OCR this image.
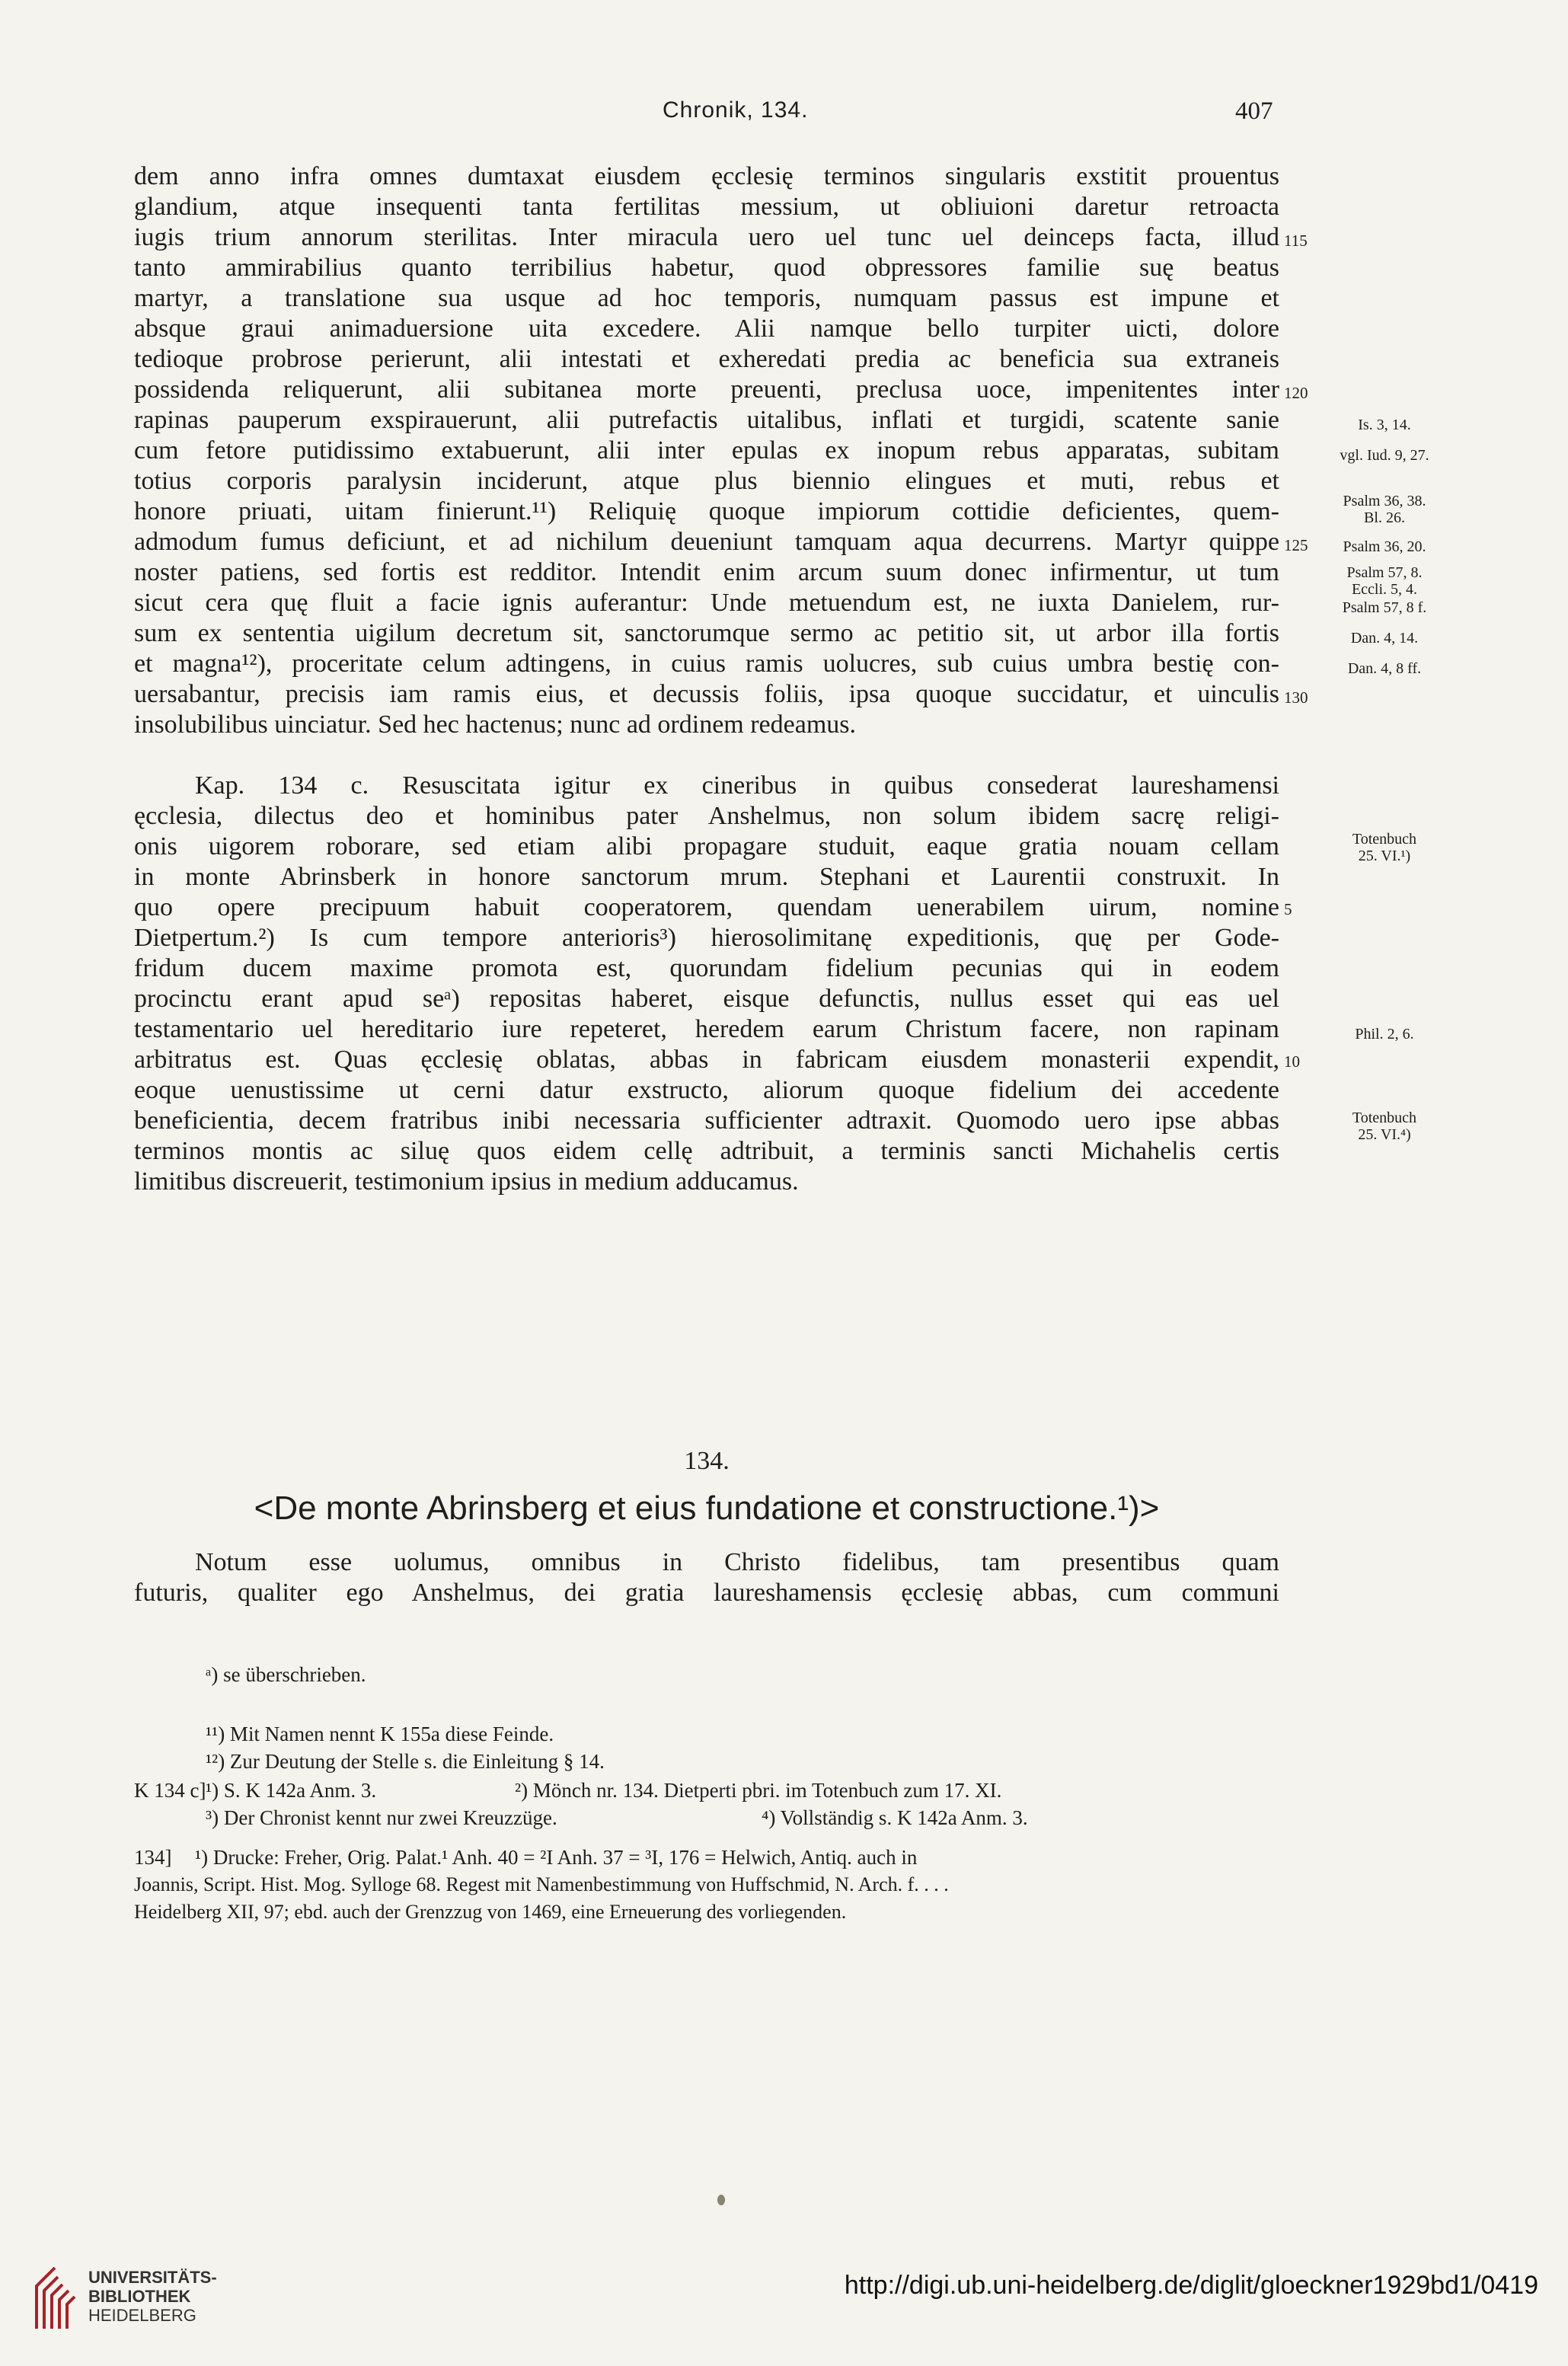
Chronik, 134.	407
dem anno infra omnes dumtaxat eiusdem ęcclesię terminos singularis exstitit prouentus
glandium, atque insequenti tanta fertilitas messium, ut obliuioni daretur retroacta
iugis trium annorum sterilitas. Inter miracula uero uel tunc uel deinceps facta, illud
tanto ammirabilius quanto terribilius habetur, quod obpressores familie suę beatus
martyr, a translatione sua usque ad hoc temporis, numquam passus est impune et
absque graui animaduersione uita excedere. Alii namque bello turpiter uicti, dolore
tedioque probrose perierunt, alii intestati et exheredati predia ac beneficia sua extraneis
possidenda reliquerunt, alii subitanea morte preuenti, preclusa uoce, impenitentes inter
rapinas pauperum exspirauerunt, alii putrefactis uitalibus, inflati et turgidi, scatente sanie
cum fetore putidissimo extabuerunt, alii inter epulas ex inopum rebus apparatas, subitam
totius corporis paralysin inciderunt, atque plus biennio elingues et muti, rebus et
honore priuati, uitam finierunt.¹¹) Reliquię quoque impiorum cottidie deficientes, quem-
admodum fumus deficiunt, et ad nichilum deueniunt tamquam aqua decurrens. Martyr quippe
noster patiens, sed fortis est redditor. Intendit enim arcum suum donec infirmentur, ut tum
sicut cera quę fluit a facie ignis auferantur: Unde metuendum est, ne iuxta Danielem, rur-
sum ex sententia uigilum decretum sit, sanctorumque sermo ac petitio sit, ut arbor illa fortis
et magna¹²), proceritate celum adtingens, in cuius ramis uolucres, sub cuius umbra bestię con-
uersabantur, precisis iam ramis eius, et decussis foliis, ipsa quoque succidatur, et uinculis
insolubilibus uinciatur. Sed hec hactenus; nunc ad ordinem redeamus.
115
120
125
130
Is. 3, 14.
vgl. Iud. 9, 27.
Psalm 36, 38.
Bl. 26.
Psalm 36, 20.
Psalm 57, 8.
Eccli. 5, 4.
Psalm 57, 8 f.
Dan. 4, 14.
Dan. 4, 8 ff.
Kap. 134 c. Resuscitata igitur ex cineribus in quibus consederat laureshamensi
ęcclesia, dilectus deo et hominibus pater Anshelmus, non solum ibidem sacrę religi-
onis uigorem roborare, sed etiam alibi propagare studuit, eaque gratia nouam cellam
in monte Abrinsberk in honore sanctorum mrum. Stephani et Laurentii construxit. In
quo opere precipuum habuit cooperatorem, quendam uenerabilem uirum, nomine
Dietpertum.²) Is cum tempore anterioris³) hierosolimitanę expeditionis, quę per Gode-
fridum ducem maxime promota est, quorundam fidelium pecunias qui in eodem
procinctu erant apud seᵃ) repositas haberet, eisque defunctis, nullus esset qui eas uel
testamentario uel hereditario iure repeteret, heredem earum Christum facere, non rapinam
arbitratus est. Quas ęcclesię oblatas, abbas in fabricam eiusdem monasterii expendit,
eoque uenustissime ut cerni datur exstructo, aliorum quoque fidelium dei accedente
beneficientia, decem fratribus inibi necessaria sufficienter adtraxit. Quomodo uero ipse abbas
terminos montis ac siluę quos eidem cellę adtribuit, a terminis sancti Michahelis certis
limitibus discreuerit, testimonium ipsius in medium adducamus.
5
10
Totenbuch
25. VI.¹)
Phil. 2, 6.
Totenbuch
25. VI.⁴)
134.
<De monte Abrinsberg et eius fundatione et constructione.¹)>
Notum esse uolumus, omnibus in Christo fidelibus, tam presentibus quam
futuris, qualiter ego Anshelmus, dei gratia laureshamensis ęcclesię abbas, cum communi
ᵃ) se überschrieben.
¹¹) Mit Namen nennt K 155a diese Feinde.
¹²) Zur Deutung der Stelle s. die Einleitung § 14.
K 134 c] ¹) S. K 142a Anm. 3.	²) Mönch nr. 134. Dietperti pbri. im Totenbuch zum 17. XI.
³) Der Chronist kennt nur zwei Kreuzzüge.	⁴) Vollständig s. K 142a Anm. 3.
134] ¹) Drucke: Freher, Orig. Palat.¹ Anh. 40 = ²I Anh. 37 = ³I, 176 = Helwich, Antiq. auch in
Joannis, Script. Hist. Mog. Sylloge 68. Regest mit Namenbestimmung von Huffschmid, N. Arch. f. . . .
Heidelberg XII, 97; ebd. auch der Grenzzug von 1469, eine Erneuerung des vorliegenden.
UNIVERSITÄTS-
BIBLIOTHEK
HEIDELBERG
http://digi.ub.uni-heidelberg.de/diglit/gloeckner1929bd1/0419
